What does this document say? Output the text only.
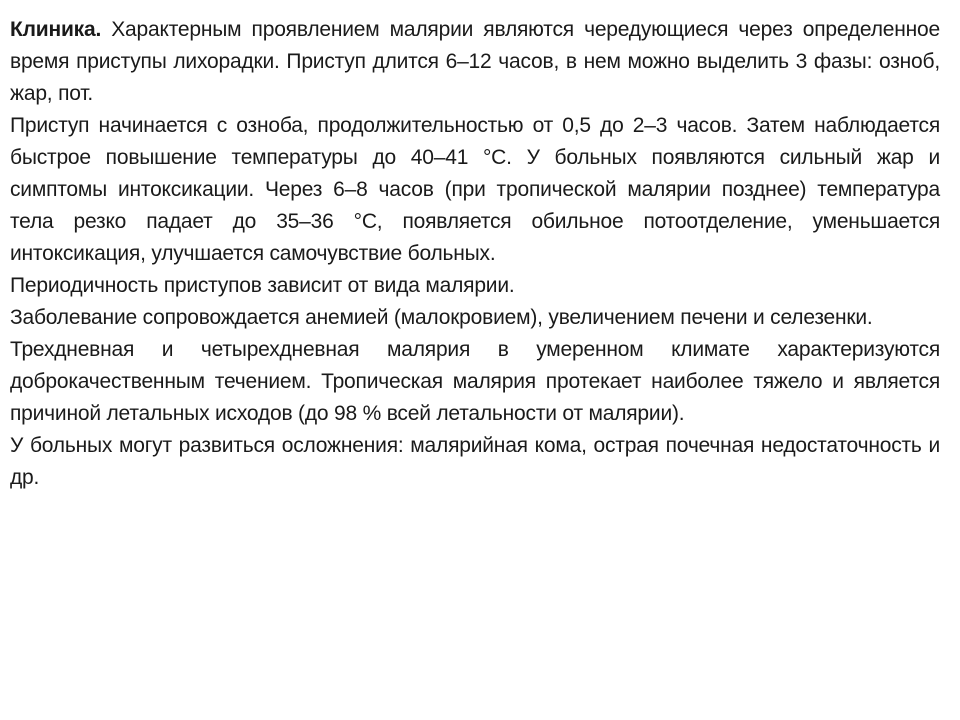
Клиника. Характерным проявлением малярии являются чередующиеся через определенное время приступы лихорадки. Приступ длится 6–12 часов, в нем можно выделить 3 фазы: озноб, жар, пот.

Приступ начинается с озноба, продолжительностью от 0,5 до 2–3 часов. Затем наблюдается быстрое повышение температуры до 40–41 °С. У больных появляются сильный жар и симптомы интоксикации. Через 6–8 часов (при тропической малярии позднее) температура тела резко падает до 35–36 °С, появляется обильное потоотделение, уменьшается интоксикация, улучшается самочувствие больных.

Периодичность приступов зависит от вида малярии.

Заболевание сопровождается анемией (малокровием), увеличением печени и селезенки.

Трехдневная и четырехдневная малярия в умеренном климате характеризуются доброкачественным течением. Тропическая малярия протекает наиболее тяжело и является причиной летальных исходов (до 98 % всей летальности от малярии).

У больных могут развиться осложнения: малярийная кома, острая почечная недостаточность и др.
